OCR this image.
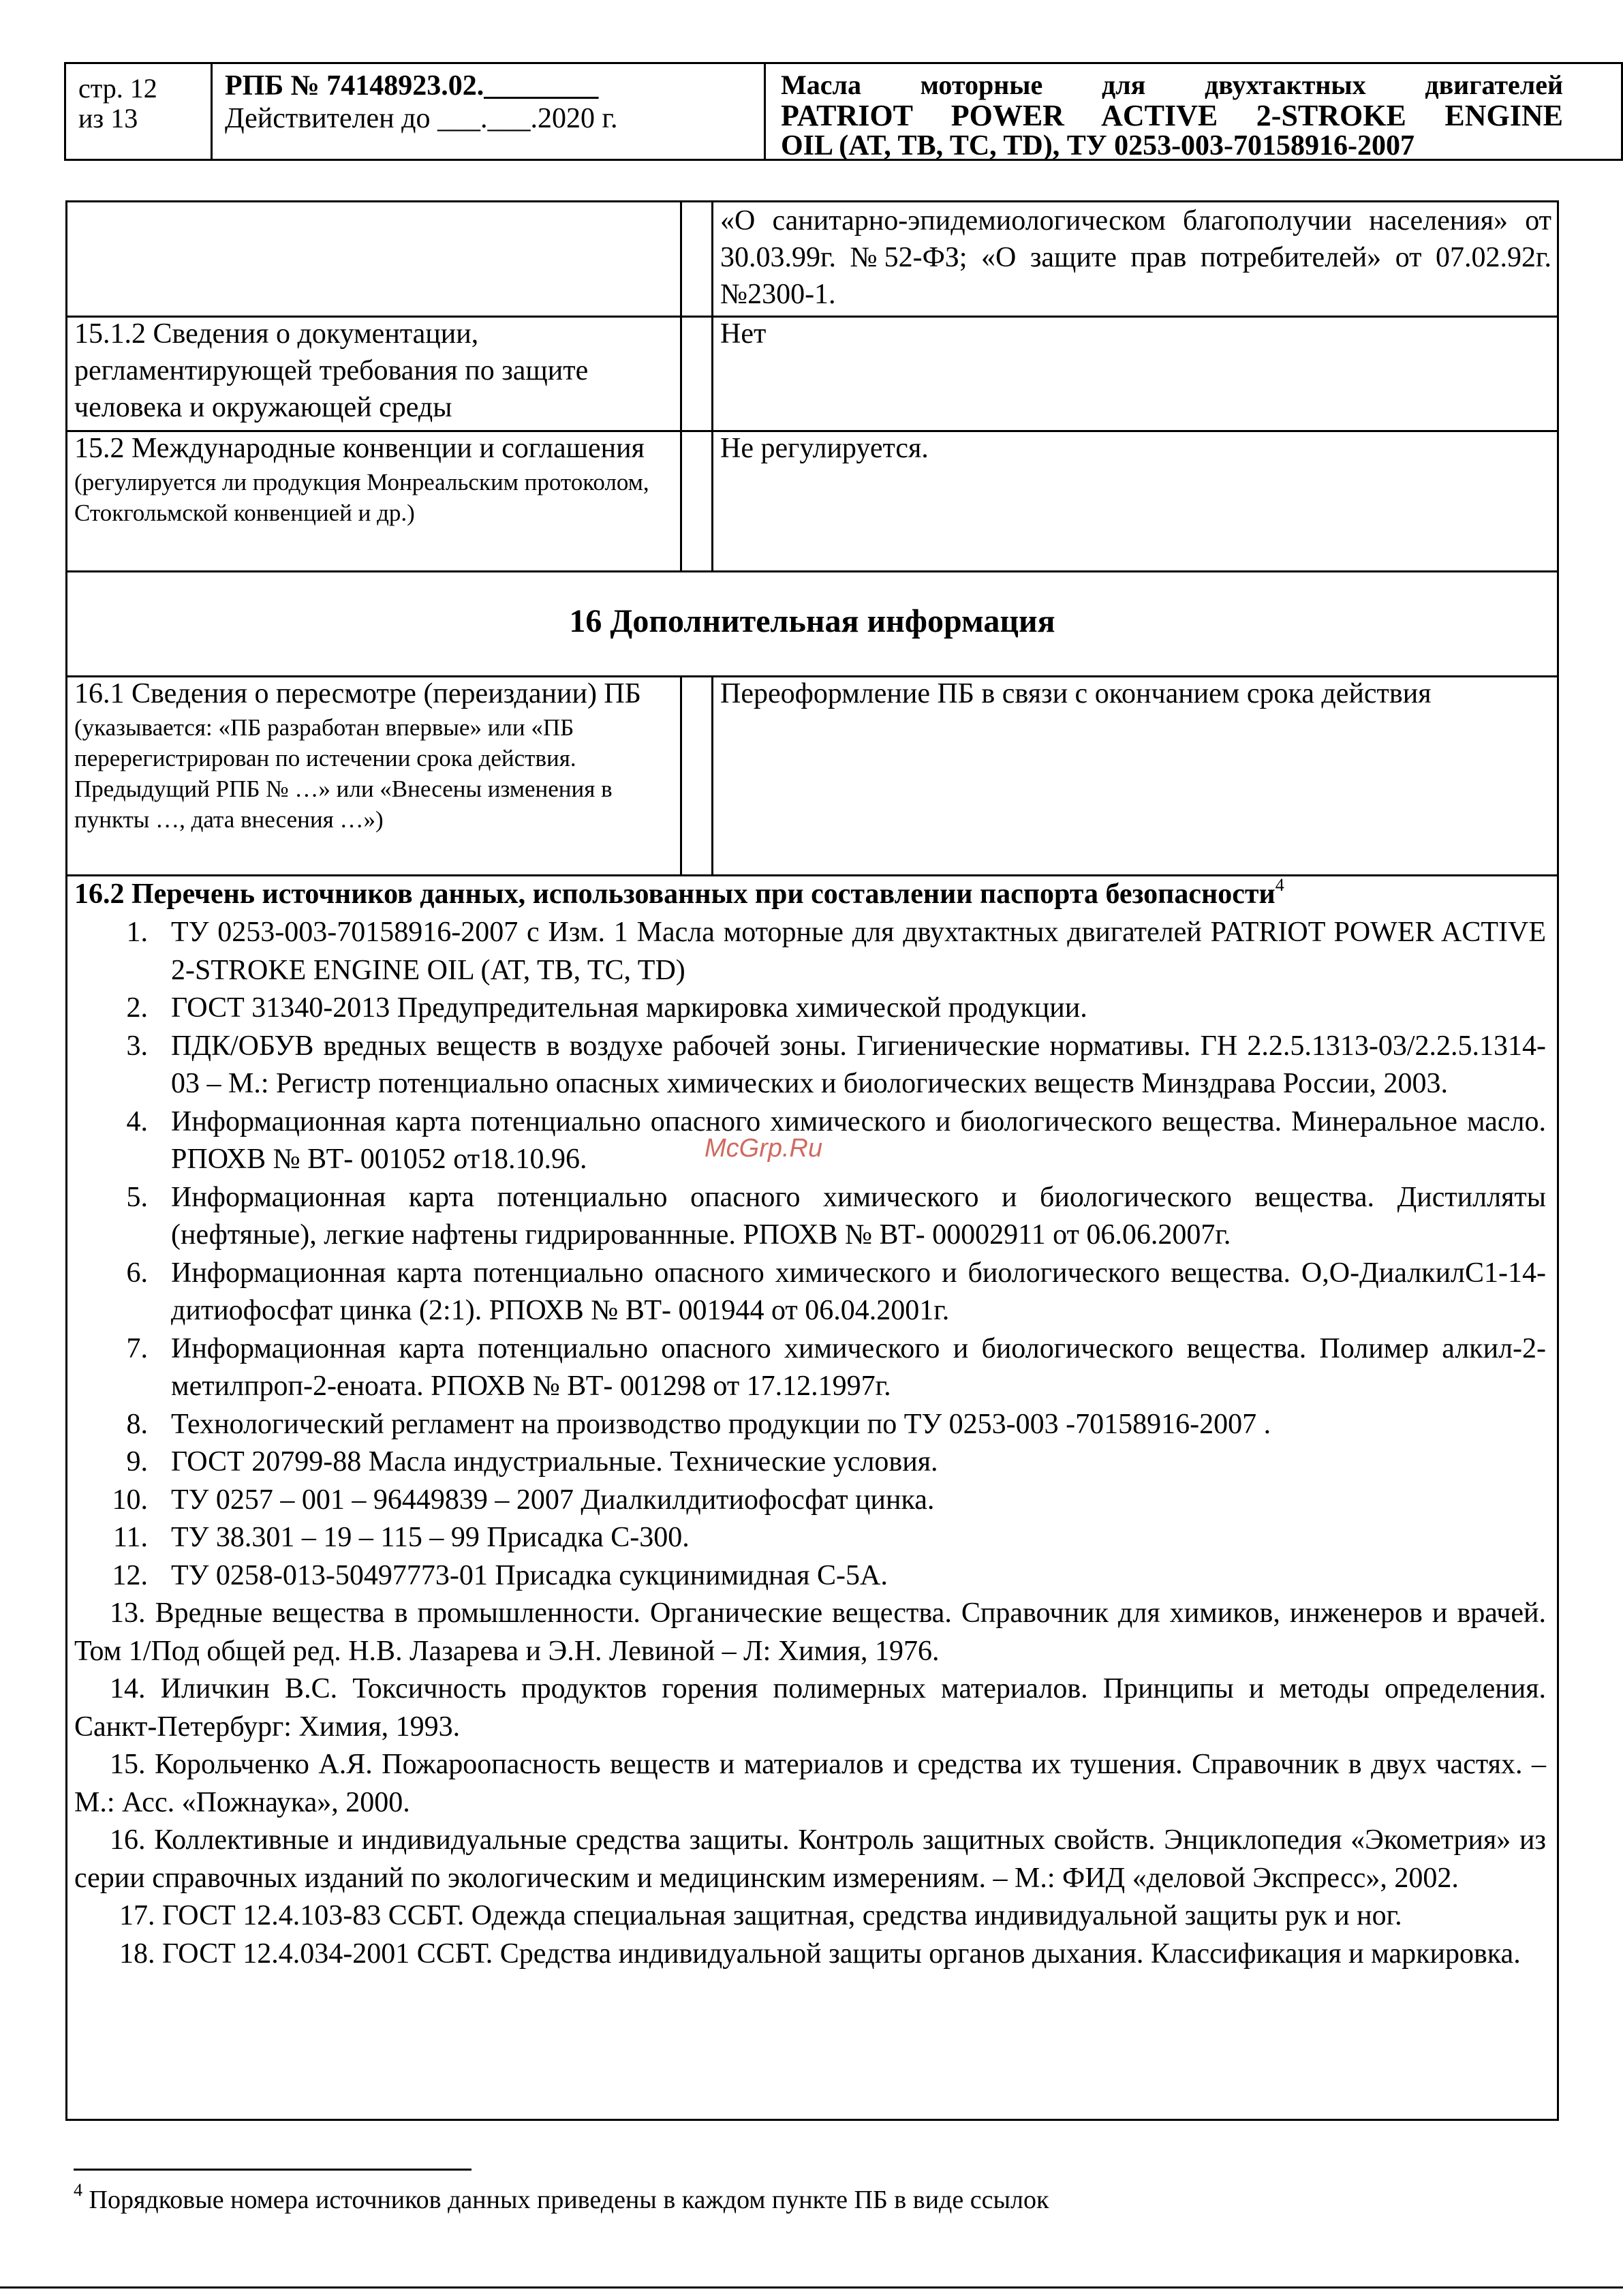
стр. 12
из 13
РПБ № 74148923.02.________
Действителен до ___.___.2020 г.
Масла моторные для двухтактных двигателей
PATRIOT POWER ACTIVE 2-STROKE ENGINE
OIL (AT, TB, TC, TD), ТУ 0253-003-70158916-2007
«О санитарно-эпидемиологическом благополучии населения» от 30.03.99г. №52-ФЗ; «О защите прав потребителей» от 07.02.92г. №2300-1.
15.1.2 Сведения о документации, регламентирующей требования по защите человека и окружающей среды
Нет
15.2 Международные конвенции и соглашения
(регулируется ли продукция Монреальским протоколом, Стокгольмской конвенцией и др.)
Не регулируется.
16 Дополнительная информация
16.1 Сведения о пересмотре (переиздании) ПБ
(указывается: «ПБ разработан впервые» или «ПБ перерегистрирован по истечении срока действия. Предыдущий РПБ № …» или «Внесены изменения в пункты …, дата внесения …»)
Переоформление ПБ в связи с окончанием срока действия
16.2 Перечень источников данных, использованных при составлении паспорта безопасности$^4$
1. ТУ 0253-003-70158916-2007 с Изм. 1 Масла моторные для двухтактных двигателей PATRIOT POWER ACTIVE 2-STROKE ENGINE OIL (AT, TB, TC, TD)
2. ГОСТ 31340-2013 Предупредительная маркировка химической продукции.
3. ПДК/ОБУВ вредных веществ в воздухе рабочей зоны. Гигиенические нормативы. ГН 2.2.5.1313-03/2.2.5.1314-03 – М.: Регистр потенциально опасных химических и биологических веществ Минздрава России, 2003.
4. Информационная карта потенциально опасного химического и биологического вещества. Минеральное масло. РПОХВ № ВТ- 001052 от18.10.96.
5. Информационная карта потенциально опасного химического и биологического вещества. Дистилляты (нефтяные), легкие нафтены гидрированнные. РПОХВ № ВТ- 00002911 от 06.06.2007г.
6. Информационная карта потенциально опасного химического и биологического вещества. О,О-ДиалкилС1-14-дитиофосфат цинка (2:1). РПОХВ № ВТ- 001944 от 06.04.2001г.
7. Информационная карта потенциально опасного химического и биологического вещества. Полимер алкил-2-метилпроп-2-еноата. РПОХВ № ВТ- 001298 от 17.12.1997г.
8. Технологический регламент на производство продукции по ТУ 0253-003 -70158916-2007 .
9. ГОСТ 20799-88 Масла индустриальные. Технические условия.
10. ТУ 0257 – 001 – 96449839 – 2007 Диалкилдитиофосфат цинка.
11. ТУ 38.301 – 19 – 115 – 99 Присадка С-300.
12. ТУ 0258-013-50497773-01 Присадка сукцинимидная С-5А.
13. Вредные вещества в промышленности. Органические вещества. Справочник для химиков, инженеров и врачей. Том 1/Под общей ред. Н.В. Лазарева и Э.Н. Левиной – Л: Химия, 1976.
14. Иличкин В.С. Токсичность продуктов горения полимерных материалов. Принципы и методы определения. Санкт-Петербург: Химия, 1993.
15. Корольченко А.Я. Пожароопасность веществ и материалов и средства их тушения. Справочник в двух частях. – М.: Асс. «Пожнаука», 2000.
16. Коллективные и индивидуальные средства защиты. Контроль защитных свойств. Энциклопедия «Экометрия» из серии справочных изданий по экологическим и медицинским измерениям. – М.: ФИД «деловой Экспресс», 2002.
17. ГОСТ 12.4.103-83 ССБТ. Одежда специальная защитная, средства индивидуальной защиты рук и ног.
18. ГОСТ 12.4.034-2001 ССБТ. Средства индивидуальной защиты органов дыхания. Классификация и маркировка.
McGrp.Ru
$^4$ Порядковые номера источников данных приведены в каждом пункте ПБ в виде ссылок
